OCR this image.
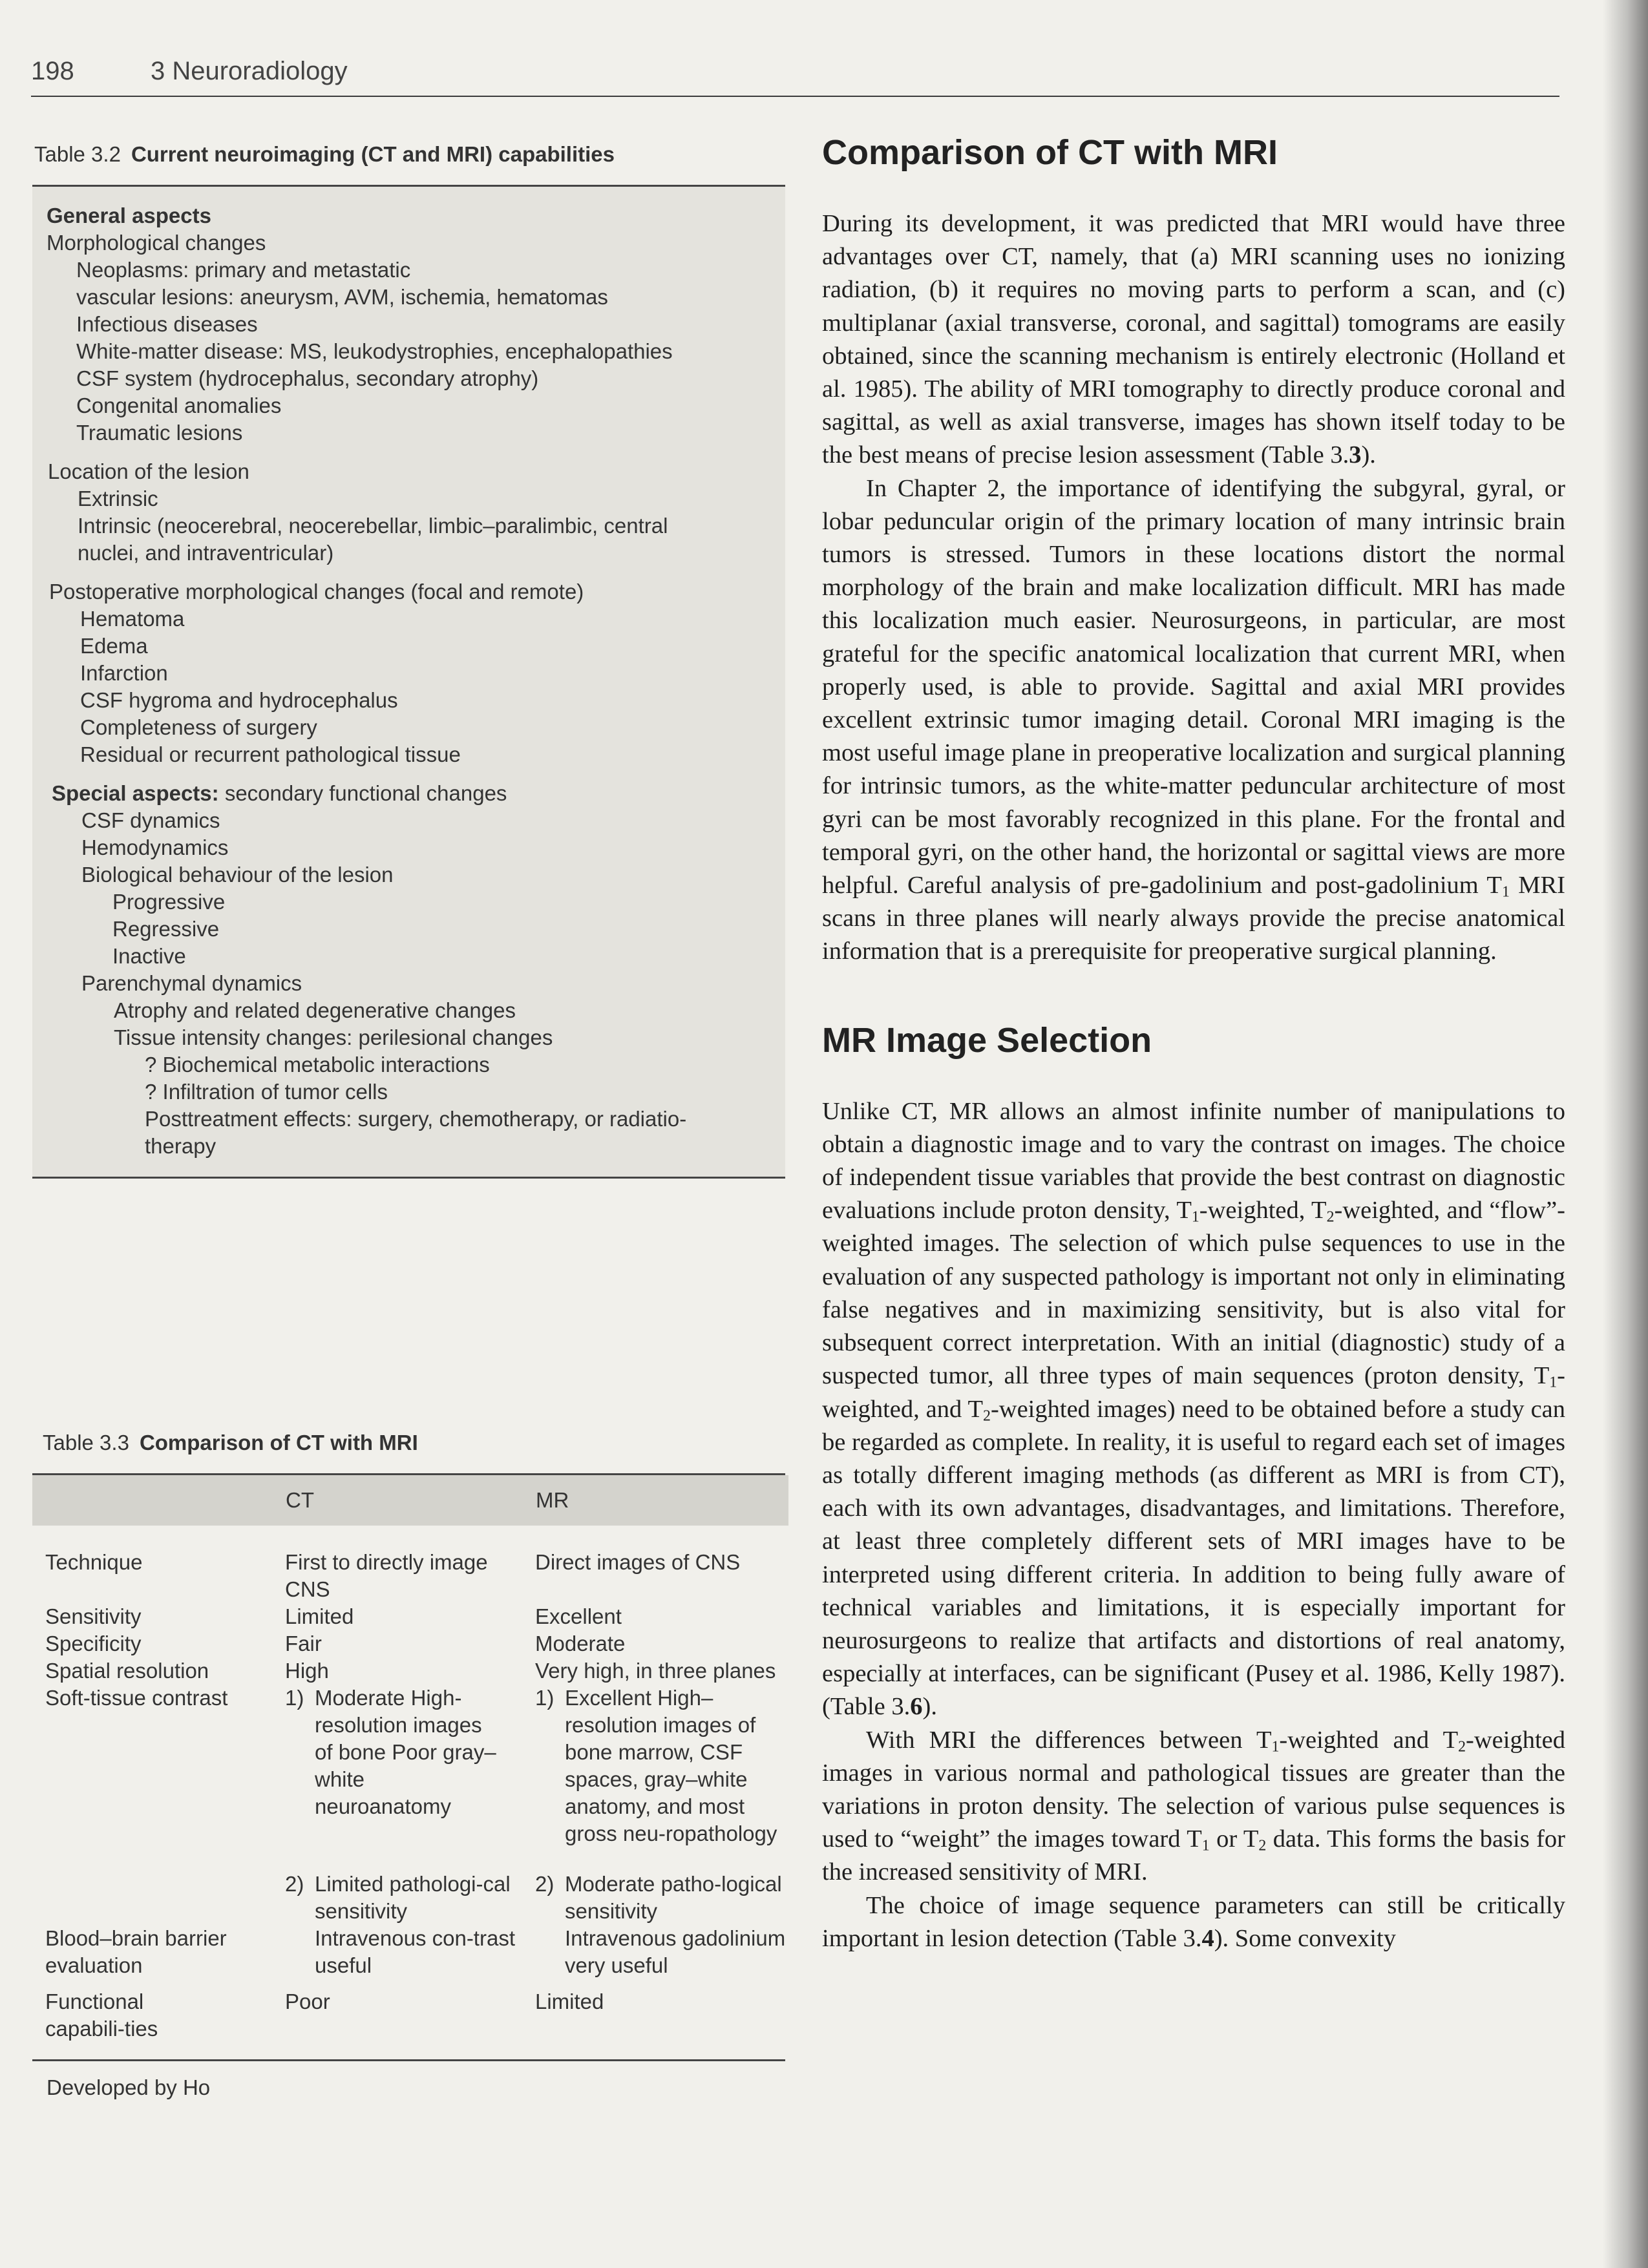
198	3 Neuroradiology
Table 3.2 Current neuroimaging (CT and MRI) capabilities
General aspects
Morphological changes
Neoplasms: primary and metastatic
vascular lesions: aneurysm, AVM, ischemia, hematomas
Infectious diseases
White-matter disease: MS, leukodystrophies, encephalopathies
CSF system (hydrocephalus, secondary atrophy)
Congenital anomalies
Traumatic lesions
Location of the lesion
Extrinsic
Intrinsic (neocerebral, neocerebellar, limbic–paralimbic, central
nuclei, and intraventricular)
Postoperative morphological changes (focal and remote)
Hematoma
Edema
Infarction
CSF hygroma and hydrocephalus
Completeness of surgery
Residual or recurrent pathological tissue
Special aspects: secondary functional changes
CSF dynamics
Hemodynamics
Biological behaviour of the lesion
Progressive
Regressive
Inactive
Parenchymal dynamics
Atrophy and related degenerative changes
Tissue intensity changes: perilesional changes
? Biochemical metabolic interactions
? Infiltration of tumor cells
Posttreatment effects: surgery, chemotherapy, or radiatio-
therapy
Table 3.3 Comparison of CT with MRI
	CT	MR
Technique	First to directly image CNS	Direct images of CNS
Sensitivity	Limited	Excellent
Specificity	Fair	Moderate
Spatial resolution	High	Very high, in three planes
Soft-tissue contrast	1) Moderate High-resolution images of bone Poor gray–white neuroanatomy	1) Excellent High–resolution images of bone marrow, CSF spaces, gray–white anatomy, and most gross neu-ropathology

	2) Limited pathologi-cal sensitivity	2) Moderate patho-logical sensitivity

Blood–brain barrier evaluation	Intravenous con-trast useful	Intravenous gadolinium very useful
Functional capabili-ties	Poor	Limited
Developed by Ho
Comparison of CT with MRI

During its development, it was predicted that MRI would have three advantages over CT, namely, that (a) MRI scanning uses no ionizing radiation, (b) it requires no moving parts to perform a scan, and (c) multiplanar (axial transverse, coronal, and sagittal) tomograms are easily obtained, since the scanning mechanism is entirely electronic (Holland et al. 1985). The ability of MRI tomography to directly produce coronal and sagittal, as well as axial transverse, images has shown itself today to be the best means of precise lesion assessment (Table 3.3).

In Chapter 2, the importance of identifying the subgyral, gyral, or lobar peduncular origin of the primary location of many intrinsic brain tumors is stressed. Tumors in these locations distort the normal morphology of the brain and make localization difficult. MRI has made this localization much easier. Neurosurgeons, in particular, are most grateful for the specific anatomical localization that current MRI, when properly used, is able to provide. Sagittal and axial MRI provides excellent extrinsic tumor imaging detail. Coronal MRI imaging is the most useful image plane in preoperative localization and surgical planning for intrinsic tumors, as the white-matter peduncular architecture of most gyri can be most favorably recognized in this plane. For the frontal and temporal gyri, on the other hand, the horizontal or sagittal views are more helpful. Careful analysis of pre-gadolinium and post-gadolinium $T_1$ MRI scans in three planes will nearly always provide the precise anatomical information that is a prerequisite for preoperative surgical planning.

MR Image Selection

Unlike CT, MR allows an almost infinite number of manipulations to obtain a diagnostic image and to vary the contrast on images. The choice of independent tissue variables that provide the best contrast on diagnostic evaluations include proton density, $T_1$-weighted, $T_2$-weighted, and “flow”-weighted images. The selection of which pulse sequences to use in the evaluation of any suspected pathology is important not only in eliminating false negatives and in maximizing sensitivity, but is also vital for subsequent correct interpretation. With an initial (diagnostic) study of a suspected tumor, all three types of main sequences (proton density, $T_1$-weighted, and $T_2$-weighted images) need to be obtained before a study can be regarded as complete. In reality, it is useful to regard each set of images as totally different imaging methods (as different as MRI is from CT), each with its own advantages, disadvantages, and limitations. Therefore, at least three completely different sets of MRI images have to be interpreted using different criteria. In addition to being fully aware of technical variables and limitations, it is especially important for neurosurgeons to realize that artifacts and distortions of real anatomy, especially at interfaces, can be significant (Pusey et al. 1986, Kelly 1987). (Table 3.6).

With MRI the differences between $T_1$-weighted and $T_2$-weighted images in various normal and pathological tissues are greater than the variations in proton density. The selection of various pulse sequences is used to “weight” the images toward $T_1$ or $T_2$ data. This forms the basis for the increased sensitivity of MRI.

The choice of image sequence parameters can still be critically important in lesion detection (Table 3.4). Some convexity
